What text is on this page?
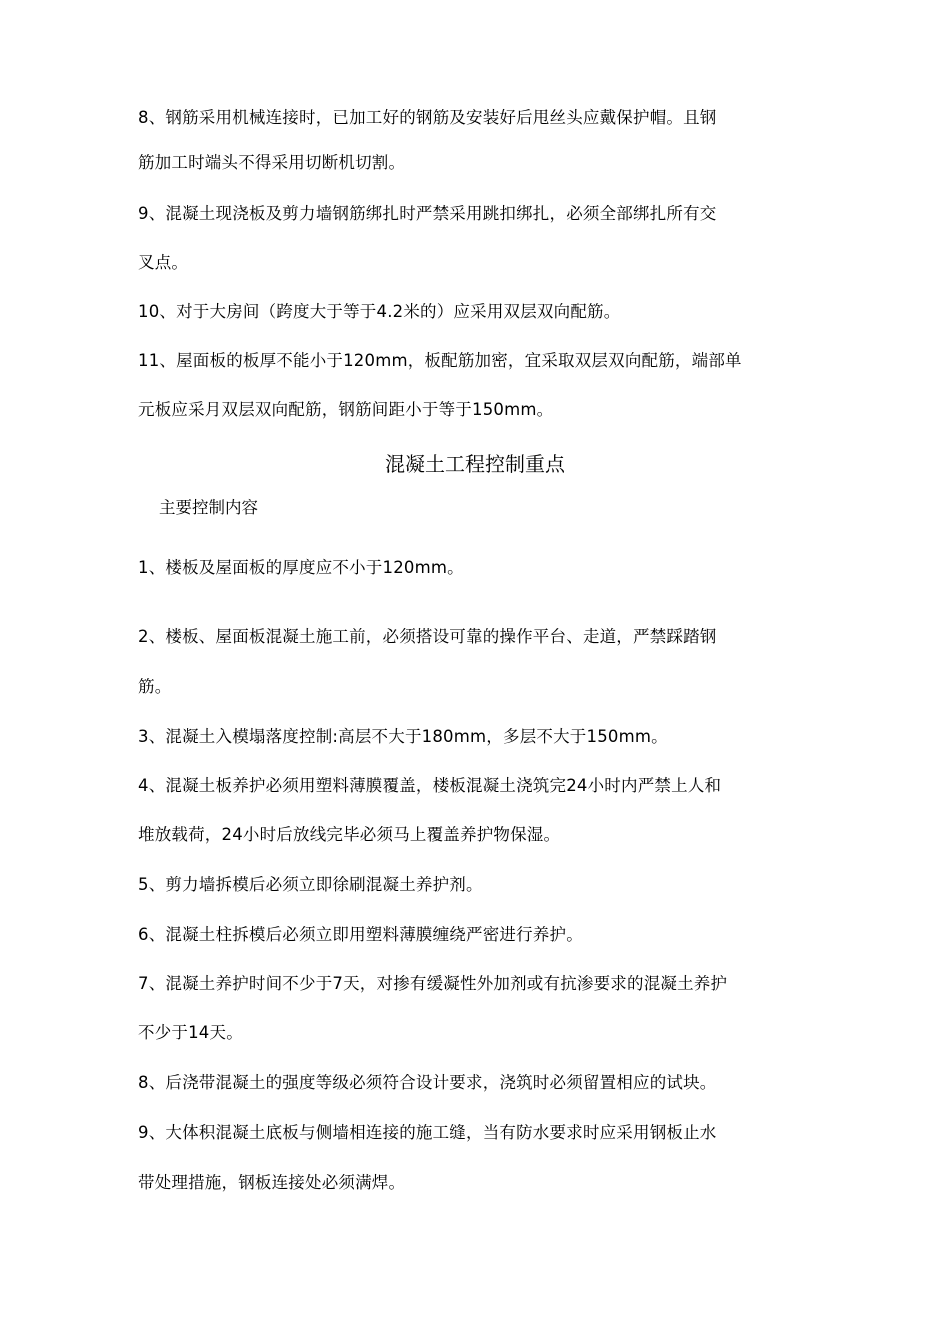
8、钢筋采用机械连接时，已加工好的钢筋及安装好后甩丝头应戴保护帽。且钢
筋加工时端头不得采用切断机切割。
9、混凝土现浇板及剪力墙钢筋绑扎时严禁采用跳扣绑扎，必须全部绑扎所有交
叉点。
10、对于大房间（跨度大于等于4.2米的）应采用双层双向配筋。
11、屋面板的板厚不能小于120mm，板配筋加密，宜采取双层双向配筋，端部单
元板应采月双层双向配筋，钢筋间距小于等于150mm。
混凝土工程控制重点
主要控制内容
1、楼板及屋面板的厚度应不小于120mm。
2、楼板、屋面板混凝土施工前，必须搭设可靠的操作平台、走道，严禁踩踏钢
筋。
3、混凝土入模塌落度控制:高层不大于180mm，多层不大于150mm。
4、混凝土板养护必须用塑料薄膜覆盖，楼板混凝土浇筑完24小时内严禁上人和
堆放载荷，24小时后放线完毕必须马上覆盖养护物保湿。
5、剪力墙拆模后必须立即徐刷混凝土养护剂。
6、混凝土柱拆模后必须立即用塑料薄膜缠绕严密进行养护。
7、混凝土养护时间不少于7天，对掺有缓凝性外加剂或有抗渗要求的混凝土养护
不少于14天。
8、后浇带混凝土的强度等级必须符合设计要求，浇筑时必须留置相应的试块。
9、大体积混凝土底板与侧墙相连接的施工缝，当有防水要求时应采用钢板止水
带处理措施，钢板连接处必须满焊。
